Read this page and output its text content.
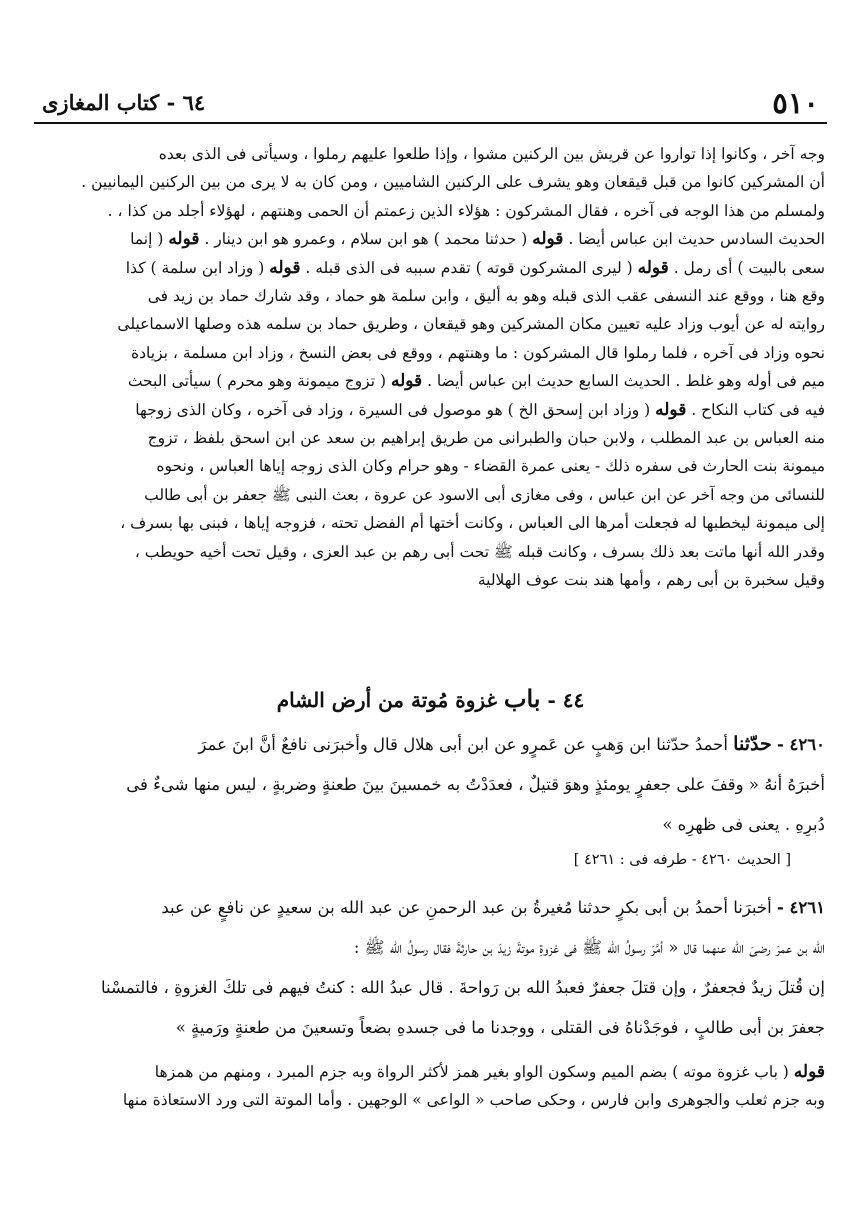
٥١٠
٦٤ - كتاب المغازى
وجه آخر ، وكانوا إذا تواروا عن قريش بين الركنين مشوا ، وإذا طلعوا عليهم رملوا ، وسيأتى فى الذى بعده
أن المشركين كانوا من قبل قيقعان وهو يشرف على الركنين الشاميين ، ومن كان به لا يرى من بين الركنين اليمانيين .
ولمسلم من هذا الوجه فى آخره ، فقال المشركون : هؤلاء الذين زعمتم أن الحمى وهنتهم ، لهؤلاء أجلد من كذا ، .
الحديث السادس حديث ابن عباس أيضا . قوله ( حدثنا محمد ) هو ابن سلام ، وعمرو هو ابن دينار . قوله ( إنما
سعى بالبيت ) أى رمل . قوله ( ليرى المشركون قوته ) تقدم سببه فى الذى قبله . قوله ( وزاد ابن سلمة ) كذا
وقع هنا ، ووقع عند النسفى عقب الذى قبله وهو به أليق ، وابن سلمة هو حماد ، وقد شارك حماد بن زيد فى
روايته له عن أيوب وزاد عليه تعيين مكان المشركين وهو قيقعان ، وطريق حماد بن سلمه هذه وصلها الاسماعيلى
نحوه وزاد فى آخره ، فلما رملوا قال المشركون : ما وهنتهم ، ووقع فى بعض النسخ ، وزاد ابن مسلمة ، بزيادة
ميم فى أوله وهو غلط . الحديث السابع حديث ابن عباس أيضا . قوله ( تزوج ميمونة وهو محرم ) سيأتى البحث
فيه فى كتاب النكاح . قوله ( وزاد ابن إسحق الخ ) هو موصول فى السيرة ، وزاد فى آخره ، وكان الذى زوجها
منه العباس بن عبد المطلب ، ولابن حبان والطبرانى من طريق إبراهيم بن سعد عن ابن اسحق بلفظ ، تزوج
ميمونة بنت الحارث فى سفره ذلك - يعنى عمرة القضاء - وهو حرام وكان الذى زوجه إياها العباس ، ونحوه
للنسائى من وجه آخر عن ابن عباس ، وفى مغازى أبى الاسود عن عروة ، بعث النبى ﷺ جعفر بن أبى طالب
إلى ميمونة ليخطبها له فجعلت أمرها الى العباس ، وكانت أختها أم الفضل تحته ، فزوجه إياها ، فبنى بها بسرف ،
وقدر الله أنها ماتت بعد ذلك بسرف ، وكانت قبله ﷺ تحت أبى رهم بن عبد العزى ، وقيل تحت أخيه حويطب ،
وقيل سخبرة بن أبى رهم ، وأمها هند بنت عوف الهلالية
٤٤ - باب غزوة مُوتة من أرض الشام
٤٢٦٠ - حدّثنا أحمدُ حدّثنا ابن وَهبٍ عن عَمرٍو عن ابن أبى هلال قال وأخبرَنى نافعٌ أنَّ ابنَ عمرَ
أخبرَهُ أنهُ « وقفَ على جعفرٍ يومئذٍ وهوَ قتيلٌ ، فعدَدْتُ به خمسينَ بينَ طعنةٍ وضربةٍ ، ليس منها شىءٌ فى
دُبرِهِ . يعنى فى ظهرِه »
[ الحديث ٤٢٦٠ - طرفه فى : ٤٢٦١ ]
٤٢٦١ - أخبرَنا أحمدُ بن أبى بكرٍ حدثنا مُغيرةُ بن عبد الرحمنِ عن عبد الله بن سعيدٍ عن نافعٍ عن عبد
الله بن عمرَ رضىَ الله عنهما قال « أمَّرَ رسولُ الله ﷺ فى غزوةِ موتةَ زيدَ بن حارثةَ فقال رسولُ الله ﷺ :
إن قُتلَ زيدٌ فجعفرٌ ، وإن قتلَ جعفرٌ فعبدُ الله بن رَواحةَ . قال عبدُ الله : كنتُ فيهم فى تلكَ الغزوةِ ، فالتمسْنا
جعفرَ بن أبى طالبٍ ، فوجَدْناهُ فى القتلى ، ووجدنا ما فى جسدهِ بضعاً وتسعينَ من طعنةٍ ورَميةٍ »
قوله ( باب غزوة موته ) بضم الميم وسكون الواو بغير همز لأكثر الرواة وبه جزم المبرد ، ومنهم من همزها
وبه جزم ثعلب والجوهرى وابن فارس ، وحكى صاحب « الواعى » الوجهين . وأما الموتة التى ورد الاستعاذة منها
